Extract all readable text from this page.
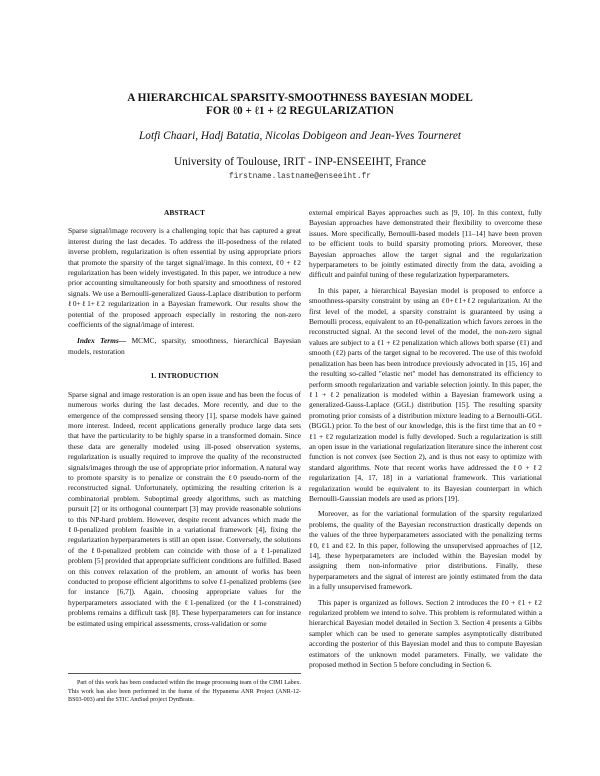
A HIERARCHICAL SPARSITY-SMOOTHNESS BAYESIAN MODEL
FOR ℓ0 + ℓ1 + ℓ2 REGULARIZATION
Lotfi Chaari, Hadj Batatia, Nicolas Dobigeon and Jean-Yves Tourneret
University of Toulouse, IRIT - INP-ENSEEIHT, France
firstname.lastname@enseeiht.fr
ABSTRACT

Sparse signal/image recovery is a challenging topic that has captured a great interest during the last decades. To address the ill-posedness of the related inverse problem, regularization is often essential by using appropriate priors that promote the sparsity of the target signal/image. In this context, ℓ0 + ℓ2 regularization has been widely investigated. In this paper, we introduce a new prior accounting simultaneously for both sparsity and smoothness of restored signals. We use a Bernoulli-generalized Gauss-Laplace distribution to perform ℓ0+ℓ1+ℓ2 regularization in a Bayesian framework. Our results show the potential of the proposed approach especially in restoring the non-zero coefficients of the signal/image of interest.

Index Terms— MCMC, sparsity, smoothness, hierarchical Bayesian models, restoration

1. INTRODUCTION

Sparse signal and image restoration is an open issue and has been the focus of numerous works during the last decades. More recently, and due to the emergence of the compressed sensing theory [1], sparse models have gained more interest. Indeed, recent applications generally produce large data sets that have the particularity to be highly sparse in a transformed domain. Since these data are generally modeled using ill-posed observation systems, regularization is usually required to improve the quality of the reconstructed signals/images through the use of appropriate prior information. A natural way to promote sparsity is to penalize or constrain the ℓ0 pseudo-norm of the reconstructed signal. Unfortunately, optimizing the resulting criterion is a combinatorial problem. Suboptimal greedy algorithms, such as matching pursuit [2] or its orthogonal counterpart [3] may provide reasonable solutions to this NP-hard problem. However, despite recent advances which made the ℓ0-penalized problem feasible in a variational framework [4], fixing the regularization hyperparameters is still an open issue. Conversely, the solutions of the ℓ0-penalized problem can coincide with those of a ℓ1-penalized problem [5] provided that appropriate sufficient conditions are fulfilled. Based on this convex relaxation of the problem, an amount of works has been conducted to propose efficient algorithms to solve ℓ1-penalized problems (see for instance [6,7]). Again, choosing appropriate values for the hyperparameters associated with the ℓ1-penalized (or the ℓ1-constrained) problems remains a difficult task [8]. These hyperparameters can for instance be estimated using empirical assessments, cross-validation or some

Part of this work has been conducted within the image processing team of the CIMI Labex. This work has also been performed in the frame of the Hypanema ANR Project (ANR-12-BS03-003) and the STIC AmSud project DynBrain.

external empirical Bayes approaches such as [9, 10]. In this context, fully Bayesian approaches have demonstrated their flexibility to overcome these issues. More specifically, Bernoulli-based models [11–14] have been proven to be efficient tools to build sparsity promoting priors. Moreover, these Bayesian approaches allow the target signal and the regularization hyperparameters to be jointly estimated directly from the data, avoiding a difficult and painful tuning of these regularization hyperparameters.

In this paper, a hierarchical Bayesian model is proposed to enforce a smoothness-sparsity constraint by using an ℓ0+ℓ1+ℓ2 regularization. At the first level of the model, a sparsity constraint is guaranteed by using a Bernoulli process, equivalent to an ℓ0-penalization which favors zeroes in the reconstructed signal. At the second level of the model, the non-zero signal values are subject to a ℓ1 + ℓ2 penalization which allows both sparse (ℓ1) and smooth (ℓ2) parts of the target signal to be recovered. The use of this twofold penalization has been has been introduce previously advocated in [15, 16] and the resulting so-called "elastic net" model has demonstrated its efficiency to perform smooth regularization and variable selection jointly. In this paper, the ℓ1 + ℓ2 penalization is modeled within a Bayesian framework using a generalized-Gauss-Laplace (GGL) distribution [15]. The resulting sparsity promoting prior consists of a distribution mixture leading to a Bernoulli-GGL (BGGL) prior. To the best of our knowledge, this is the first time that an ℓ0 + ℓ1 + ℓ2 regularization model is fully developed. Such a regularization is still an open issue in the variational regularization literature since the inherent cost function is not convex (see Section 2), and is thus not easy to optimize with standard algorithms. Note that recent works have addressed the ℓ0 + ℓ2 regularization [4, 17, 18] in a variational framework. This variational regularization would be equivalent to its Bayesian counterpart in which Bernoulli-Gaussian models are used as priors [19].

Moreover, as for the variational formulation of the sparsity regularized problems, the quality of the Bayesian reconstruction drastically depends on the values of the three hyperparameters associated with the penalizing terms ℓ0, ℓ1 and ℓ2. In this paper, following the unsupervised approaches of [12, 14], these hyperparameters are included within the Bayesian model by assigning them non-informative prior distributions. Finally, these hyperparameters and the signal of interest are jointly estimated from the data in a fully unsupervised framework.

This paper is organized as follows. Section 2 introduces the ℓ0 + ℓ1 + ℓ2 regularized problem we intend to solve. This problem is reformulated within a hierarchical Bayesian model detailed in Section 3. Section 4 presents a Gibbs sampler which can be used to generate samples asymptotically distributed according the posterior of this Bayesian model and thus to compute Bayesian estimators of the unknown model parameters. Finally, we validate the proposed method in Section 5 before concluding in Section 6.
